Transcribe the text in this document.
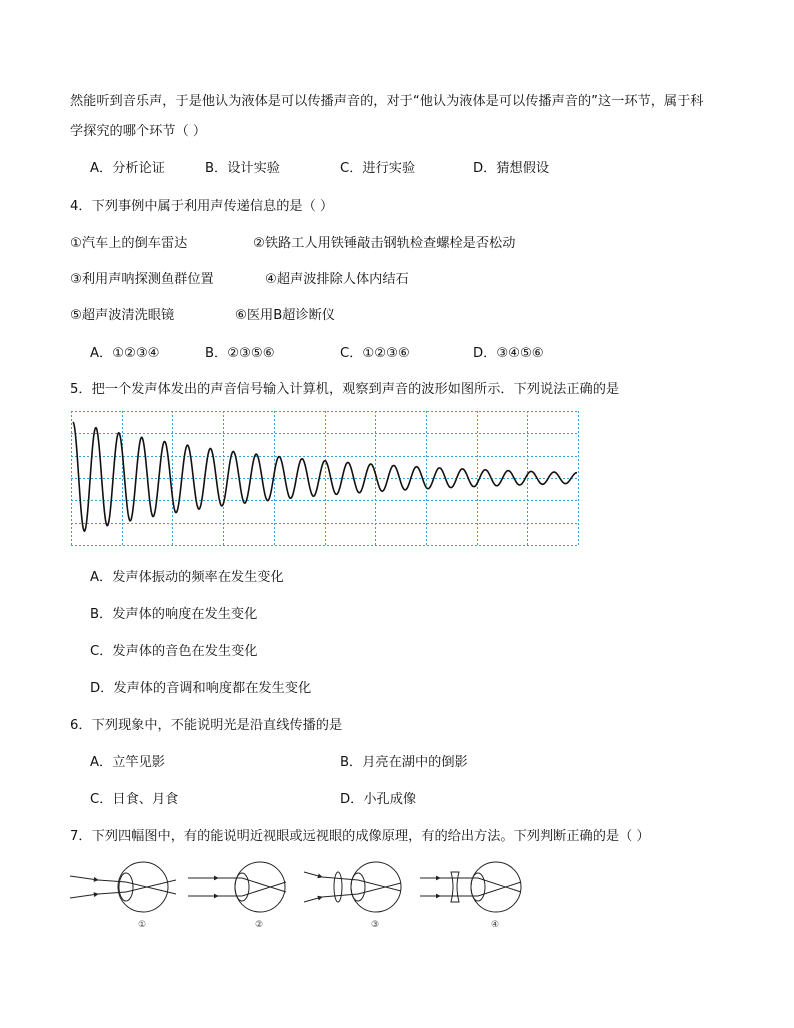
然能听到音乐声，于是他认为液体是可以传播声音的，对于“他认为液体是可以传播声音的”这一环节，属于科
学探究的哪个环节（ ）
A．分析论证	B．设计实验	C．进行实验	D．猜想假设
4．下列事例中属于利用声传递信息的是（ ）
①汽车上的倒车雷达	②铁路工人用铁锤敲击钢轨检查螺栓是否松动
③利用声呐探测鱼群位置	④超声波排除人体内结石
⑤超声波清洗眼镜	⑥医用B超诊断仪
A．①②③④	B．②③⑤⑥	C．①②③⑥	D．③④⑤⑥
5．把一个发声体发出的声音信号输入计算机，观察到声音的波形如图所示．下列说法正确的是
A．发声体振动的频率在发生变化
B．发声体的响度在发生变化
C．发声体的音色在发生变化
D．发声体的音调和响度都在发生变化
6．下列现象中，不能说明光是沿直线传播的是
A．立竿见影	B．月亮在湖中的倒影
C．日食、月食	D．小孔成像
7．下列四幅图中，有的能说明近视眼或远视眼的成像原理，有的给出方法。下列判断正确的是（ ）
①	②	③	④
